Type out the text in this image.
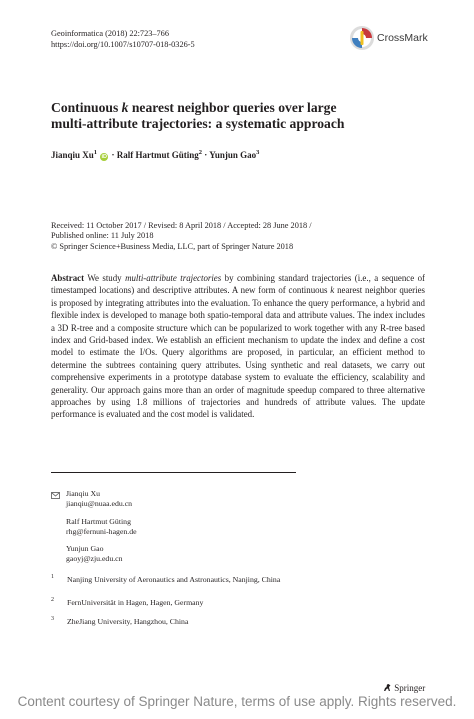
Geoinformatica (2018) 22:723–766
https://doi.org/10.1007/s10707-018-0326-5
CrossMark
Continuous k nearest neighbor queries over large
multi-attribute trajectories: a systematic approach
Jianqiu Xu$^1$ iD · Ralf Hartmut Güting$^2$ · Yunjun Gao$^3$
Received: 11 October 2017 / Revised: 8 April 2018 / Accepted: 28 June 2018 /
Published online: 11 July 2018
© Springer Science+Business Media, LLC, part of Springer Nature 2018
Abstract We study multi-attribute trajectories by combining standard trajectories (i.e., a sequence of timestamped locations) and descriptive attributes. A new form of continuous k nearest neighbor queries is proposed by integrating attributes into the evaluation. To enhance the query performance, a hybrid and flexible index is developed to manage both spatio-temporal data and attribute values. The index includes a 3D R-tree and a composite structure which can be popularized to work together with any R-tree based index and Grid-based index. We establish an efficient mechanism to update the index and define a cost model to estimate the I/Os. Query algorithms are proposed, in particular, an efficient method to determine the subtrees containing query attributes. Using synthetic and real datasets, we carry out comprehensive experiments in a prototype database system to evaluate the efficiency, scalability and generality. Our approach gains more than an order of magnitude speedup compared to three alternative approaches by using 1.8 millions of trajectories and hundreds of attribute values. The update performance is evaluated and the cost model is validated.
Jianqiu Xu
jianqiu@nuaa.edu.cn
Ralf Hartmut Güting
rhg@fernuni-hagen.de
Yunjun Gao
gaoyj@zju.edu.cn
1 Nanjing University of Aeronautics and Astronautics, Nanjing, China
2 FernUniversität in Hagen, Hagen, Germany
3 ZheJiang University, Hangzhou, China
Springer
Content courtesy of Springer Nature, terms of use apply. Rights reserved.
